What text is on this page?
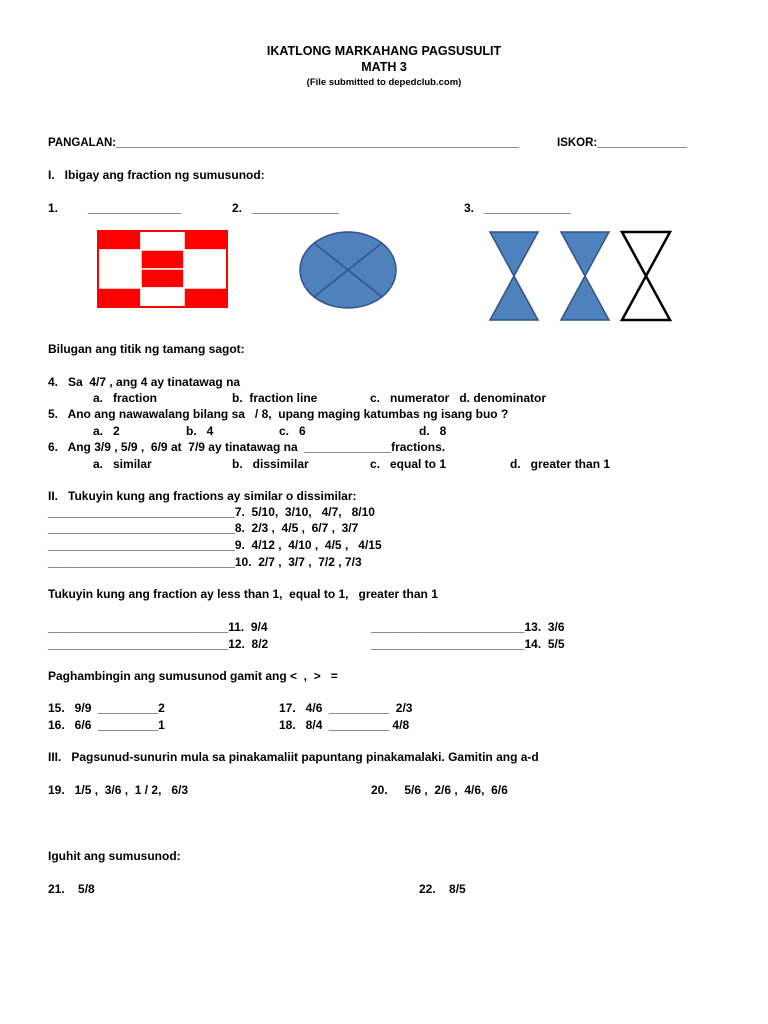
IKATLONG MARKAHANG PAGSUSULIT
MATH 3
(File submitted to depedclub.com)
PANGALAN:_______________________________________________________________	ISKOR:______________
I.   Ibigay ang fraction ng sumusunod:
1.         ______________	2.   _____________	3.   _____________
Bilugan ang titik ng tamang sagot:
4.   Sa  4/7 , ang 4 ay tinatawag na
a.   fraction	b.  fraction line	c.   numerator   d. denominator
5.   Ano ang nawawalang bilang sa   / 8,  upang maging katumbas ng isang buo ?
a.   2	b.   4	c.   6	d.   8
6.   Ang 3/9 , 5/9 ,  6/9 at  7/9 ay tinatawag na  _____________fractions.
a.   similar	b.   dissimilar	c.   equal to 1	d.   greater than 1
II.   Tukuyin kung ang fractions ay similar o dissimilar:
____________________________7.  5/10,  3/10,   4/7,   8/10
____________________________8.  2/3 ,  4/5 ,  6/7 ,  3/7
____________________________9.  4/12 ,  4/10 ,  4/5 ,   4/15
____________________________10.  2/7 ,  3/7 ,  7/2 , 7/3
Tukuyin kung ang fraction ay less than 1,  equal to 1,   greater than 1
___________________________11.  9/4
___________________________12.  8/2
_______________________13.  3/6
_______________________14.  5/5
Paghambingin ang sumusunod gamit ang <  ,  >   =
15.   9/9  _________2
16.   6/6  _________1
17.   4/6  _________  2/3
18.   8/4  _________ 4/8
III.   Pagsunud-sunurin mula sa pinakamaliit papuntang pinakamalaki. Gamitin ang a-d
19.   1/5 ,  3/6 ,  1 / 2,   6/3	20.     5/6 ,  2/6 ,  4/6,  6/6
Iguhit ang sumusunod:
21.    5/8	22.    8/5
